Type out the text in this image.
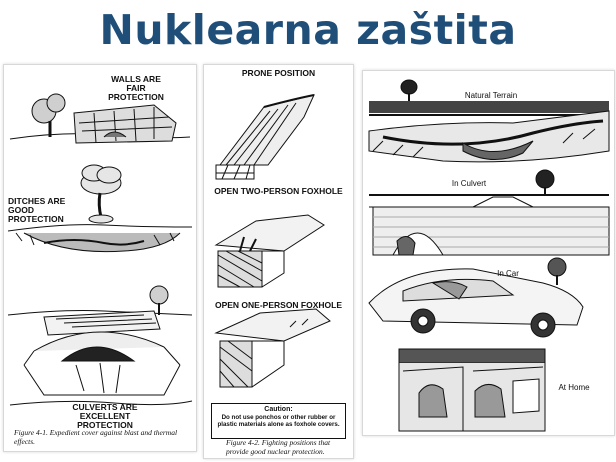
Nuklearna zaštita
WALLS ARE
FAIR
PROTECTION
DITCHES ARE
GOOD
PROTECTION
CULVERTS ARE
EXCELLENT
PROTECTION
Figure 4-1. Expedient cover against blast and thermal effects.
PRONE POSITION
OPEN TWO-PERSON FOXHOLE
OPEN ONE-PERSON FOXHOLE
Caution:
Do not use ponchos or other rubber or plastic materials alone as foxhole covers.
Figure 4-2. Fighting positions that provide good nuclear protection.
Natural Terrain
In Culvert
In Car
At Home
